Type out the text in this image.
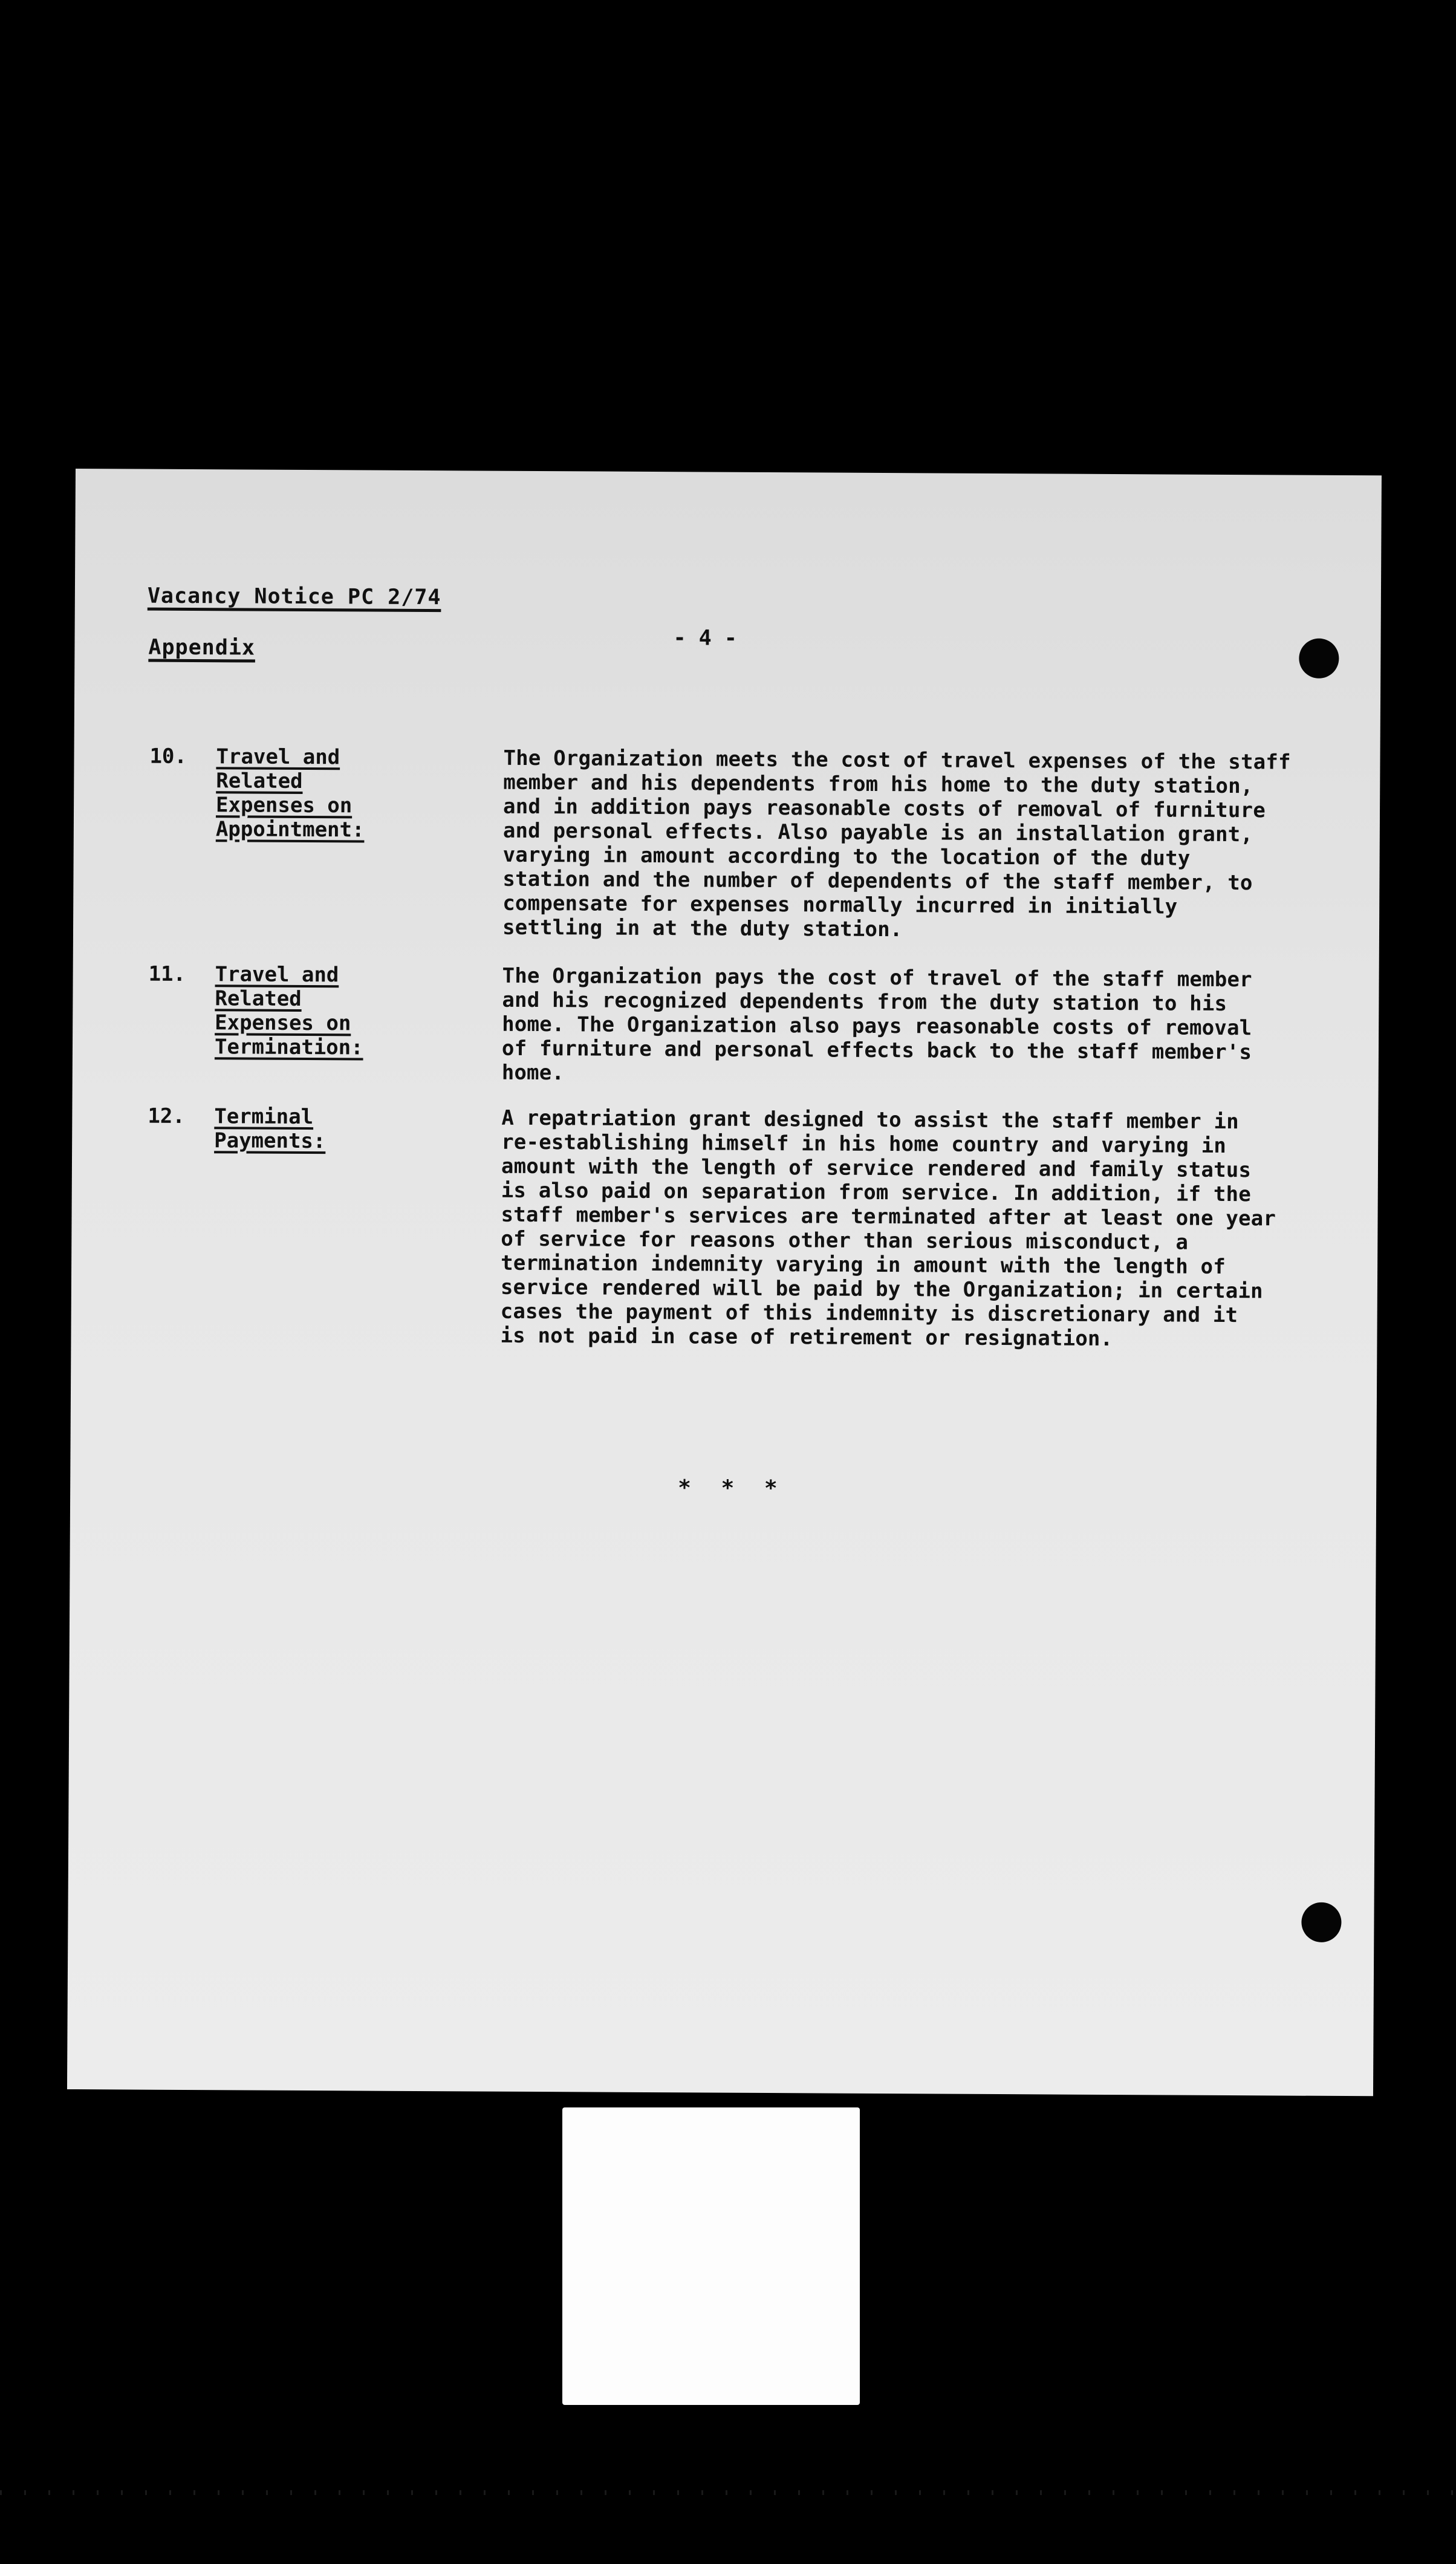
Vacancy Notice PC 2/74
Appendix	- 4 -
10. Travel and
Related
Expenses on
Appointment:
The Organization meets the cost of travel expenses of the staff
member and his dependents from his home to the duty station,
and in addition pays reasonable costs of removal of furniture
and personal effects. Also payable is an installation grant,
varying in amount according to the location of the duty
station and the number of dependents of the staff member, to
compensate for expenses normally incurred in initially
settling in at the duty station.
11. Travel and
Related
Expenses on
Termination:
The Organization pays the cost of travel of the staff member
and his recognized dependents from the duty station to his
home. The Organization also pays reasonable costs of removal
of furniture and personal effects back to the staff member's
home.
12. Terminal
Payments:
A repatriation grant designed to assist the staff member in
re-establishing himself in his home country and varying in
amount with the length of service rendered and family status
is also paid on separation from service. In addition, if the
staff member's services are terminated after at least one year
of service for reasons other than serious misconduct, a
termination indemnity varying in amount with the length of
service rendered will be paid by the Organization; in certain
cases the payment of this indemnity is discretionary and it
is not paid in case of retirement or resignation.
* * *
